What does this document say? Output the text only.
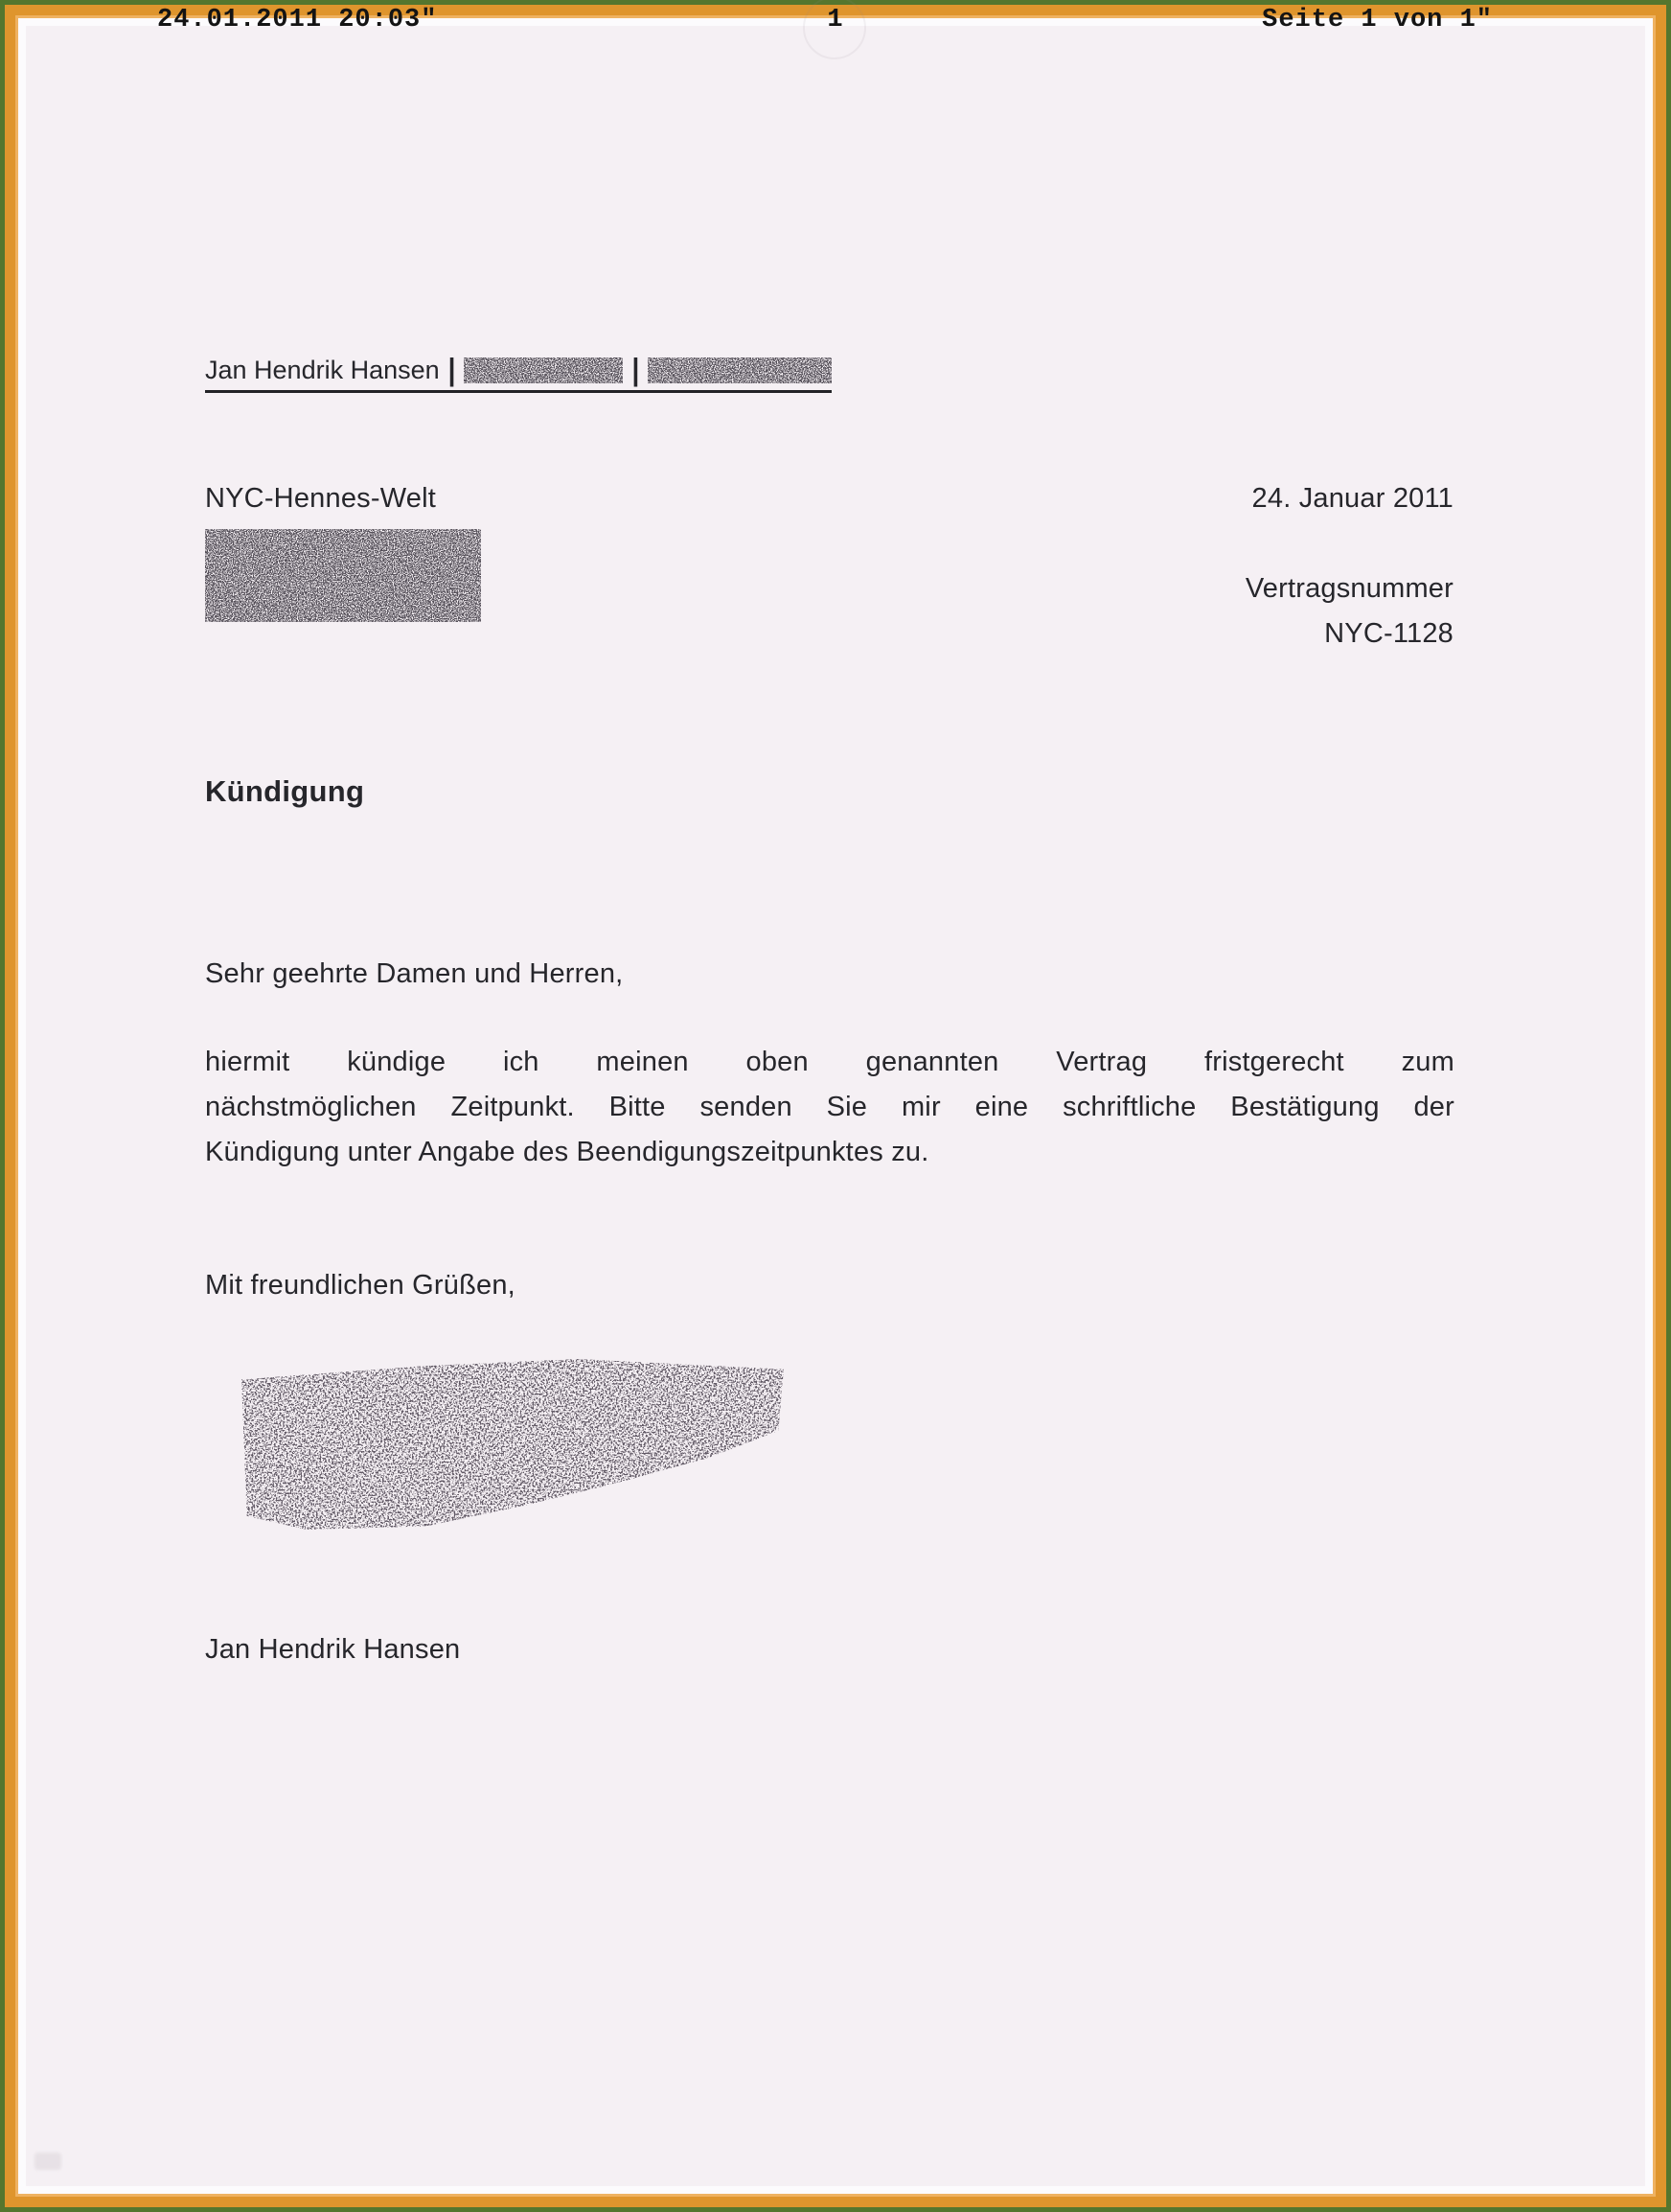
24.01.2011 20:03"	1	Seite 1 von 1"
Jan Hendrik Hansen |	|
NYC-Hennes-Welt	24. Januar 2011
Vertragsnummer
NYC-1128
Kündigung
Sehr geehrte Damen und Herren,
hiermit kündige ich meinen oben genannten Vertrag fristgerecht zum
nächstmöglichen Zeitpunkt. Bitte senden Sie mir eine schriftliche Bestätigung der
Kündigung unter Angabe des Beendigungszeitpunktes zu.
Mit freundlichen Grüßen,
Jan Hendrik Hansen
